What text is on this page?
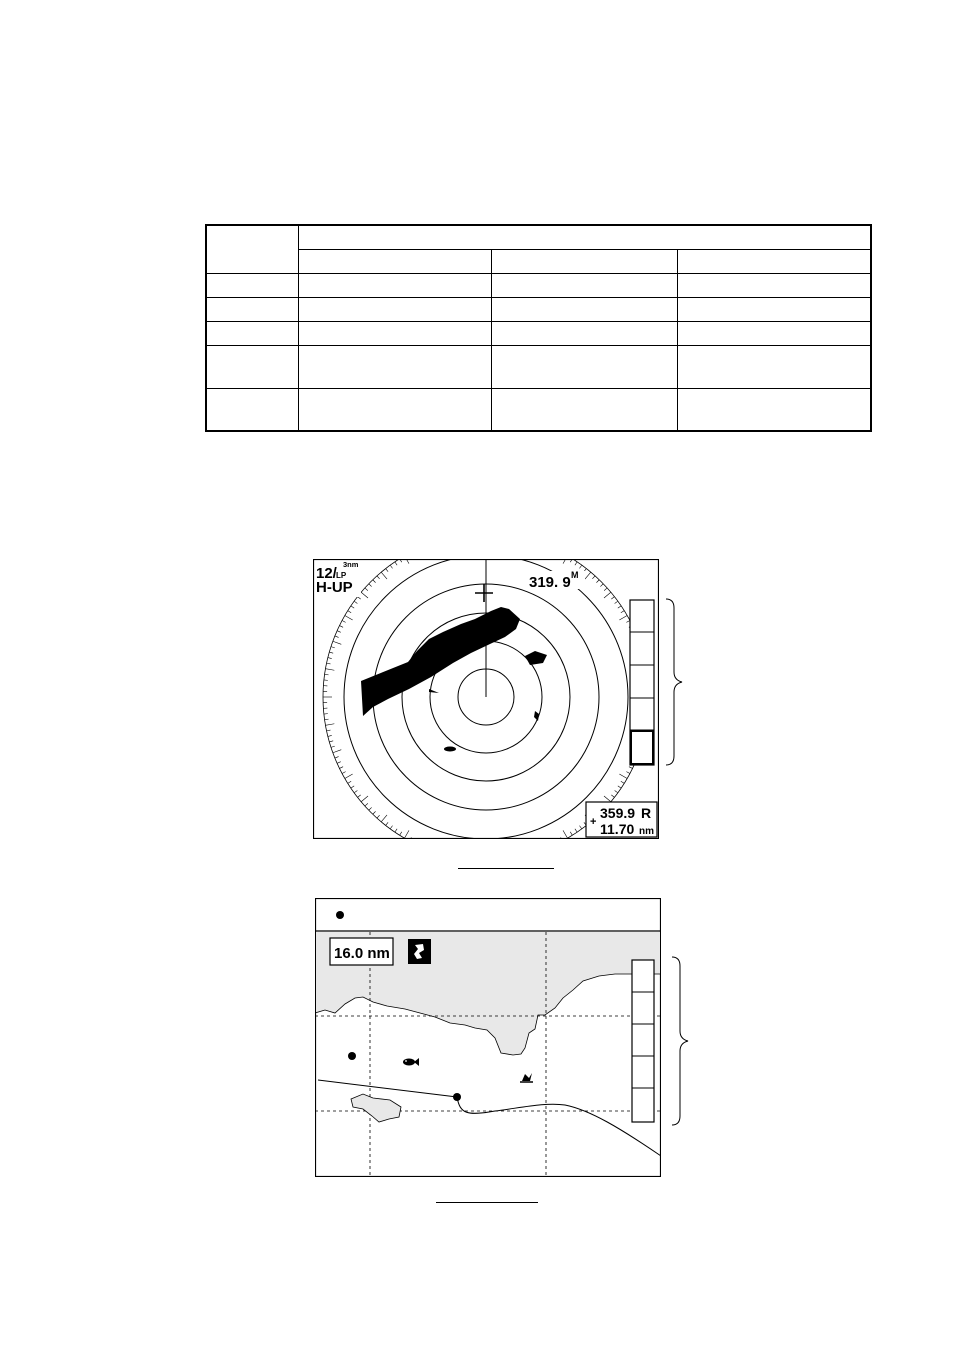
12/
3nm
LP
H-UP	319. 9 M
+
359.9 R
11.70 nm
16.0 nm
